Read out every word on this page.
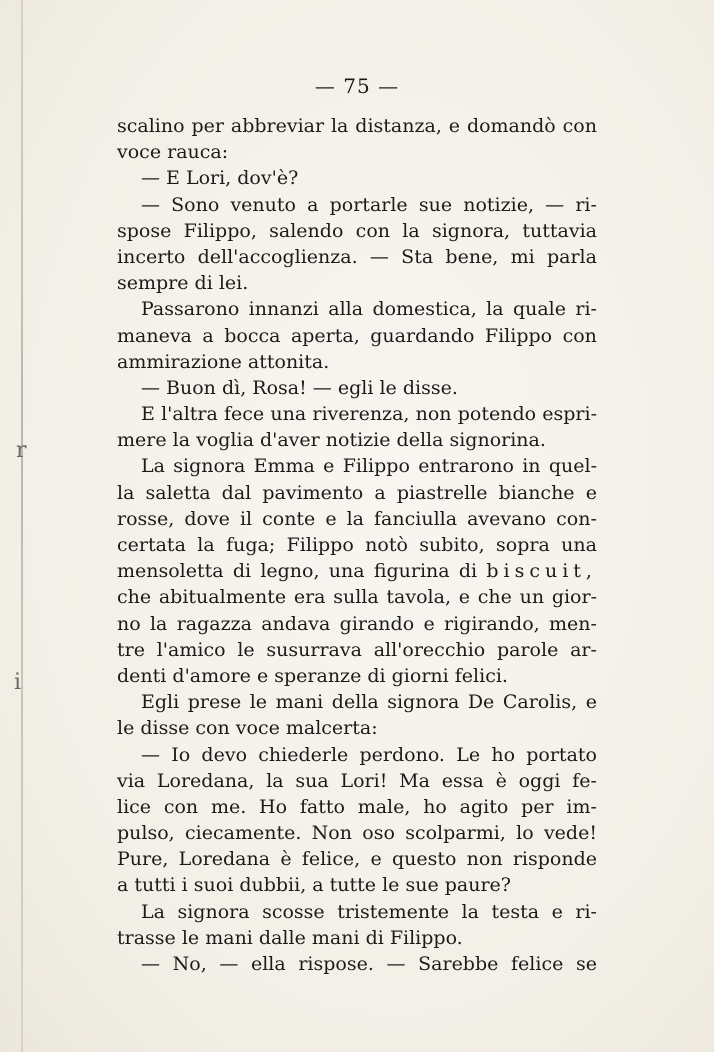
r
i
— 75 —
scalino per abbreviar la distanza, e domandò con
voce rauca:
— E Lori, dov'è?
— Sono venuto a portarle sue notizie, — ri-
spose Filippo, salendo con la signora, tuttavia
incerto dell'accoglienza. — Sta bene, mi parla
sempre di lei.
Passarono innanzi alla domestica, la quale ri-
maneva a bocca aperta, guardando Filippo con
ammirazione attonita.
— Buon dì, Rosa! — egli le disse.
E l'altra fece una riverenza, non potendo espri-
mere la voglia d'aver notizie della signorina.
La signora Emma e Filippo entrarono in quel-
la saletta dal pavimento a piastrelle bianche e
rosse, dove il conte e la fanciulla avevano con-
certata la fuga; Filippo notò subito, sopra una
mensoletta di legno, una figurina di biscuit,
che abitualmente era sulla tavola, e che un gior-
no la ragazza andava girando e rigirando, men-
tre l'amico le susurrava all'orecchio parole ar-
denti d'amore e speranze di giorni felici.
Egli prese le mani della signora De Carolis, e
le disse con voce malcerta:
— Io devo chiederle perdono. Le ho portato
via Loredana, la sua Lori! Ma essa è oggi fe-
lice con me. Ho fatto male, ho agito per im-
pulso, ciecamente. Non oso scolparmi, lo vede!
Pure, Loredana è felice, e questo non risponde
a tutti i suoi dubbii, a tutte le sue paure?
La signora scosse tristemente la testa e ri-
trasse le mani dalle mani di Filippo.
— No, — ella rispose. — Sarebbe felice se
